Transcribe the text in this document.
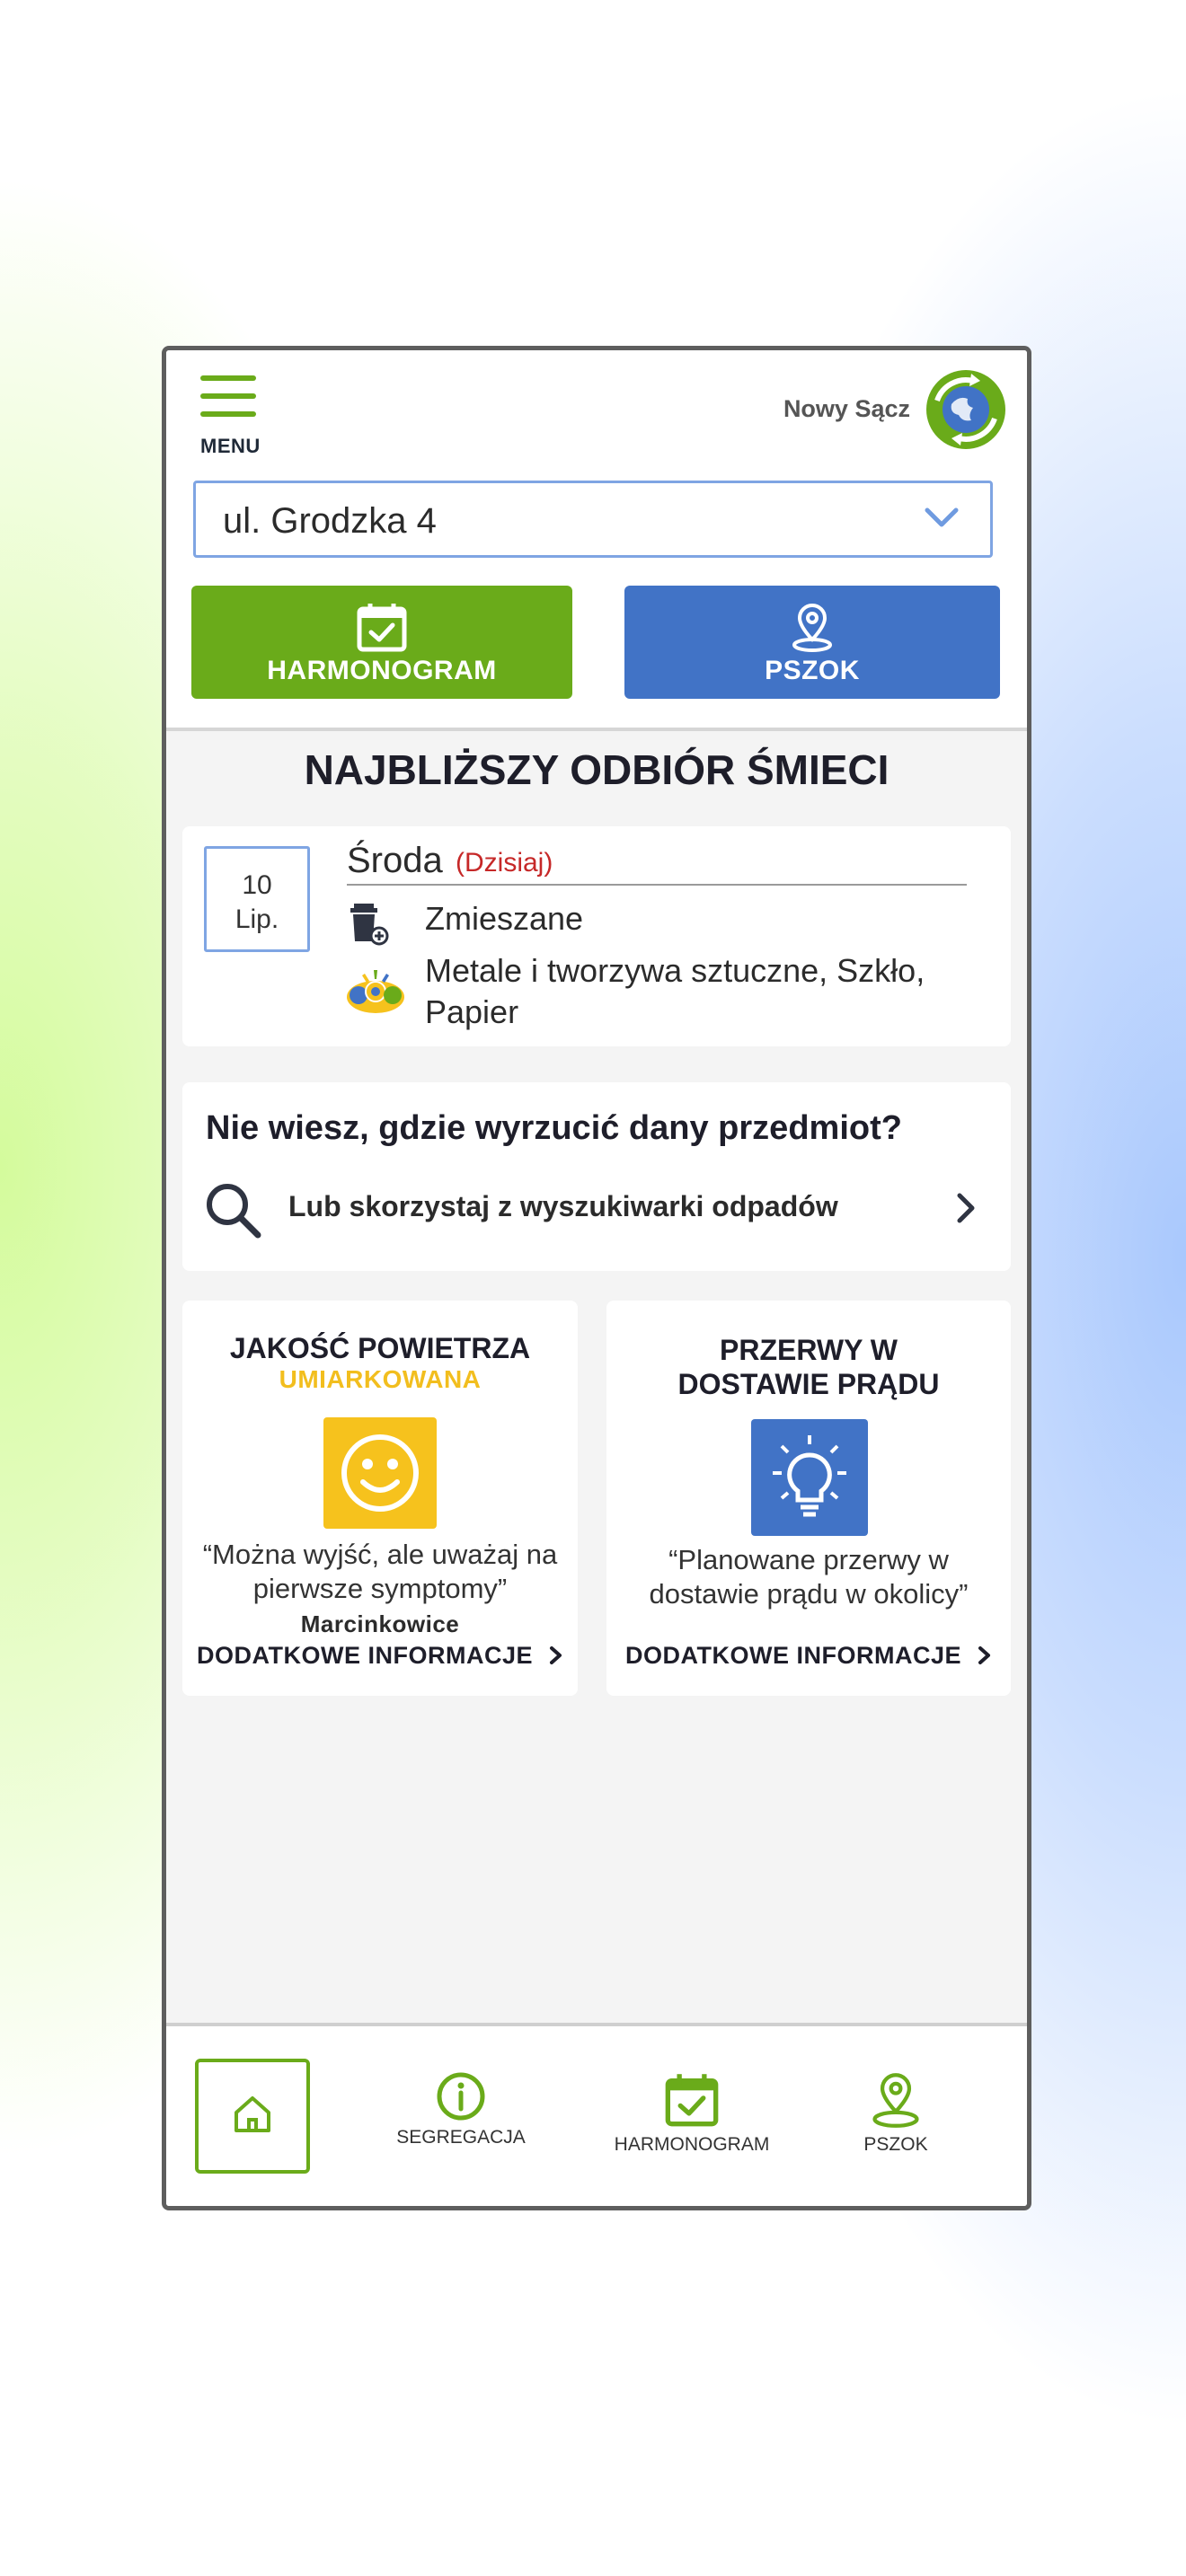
MENU
Nowy Sącz
ul. Grodzka 4
HARMONOGRAM	PSZOK
NAJBLIŻSZY ODBIÓR ŚMIECI
10
Lip.
Środa (Dzisiaj)
Zmieszane
Metale i tworzywa sztuczne, Szkło, Papier
Nie wiesz, gdzie wyrzucić dany przedmiot?
Lub skorzystaj z wyszukiwarki odpadów
JAKOŚĆ POWIETRZA
UMIARKOWANA
“Można wyjść, ale uważaj na pierwsze symptomy”
Marcinkowice
DODATKOWE INFORMACJE
PRZERWY W
DOSTAWIE PRĄDU
“Planowane przerwy w dostawie prądu w okolicy”
DODATKOWE INFORMACJE
SEGREGACJA	HARMONOGRAM	PSZOK
